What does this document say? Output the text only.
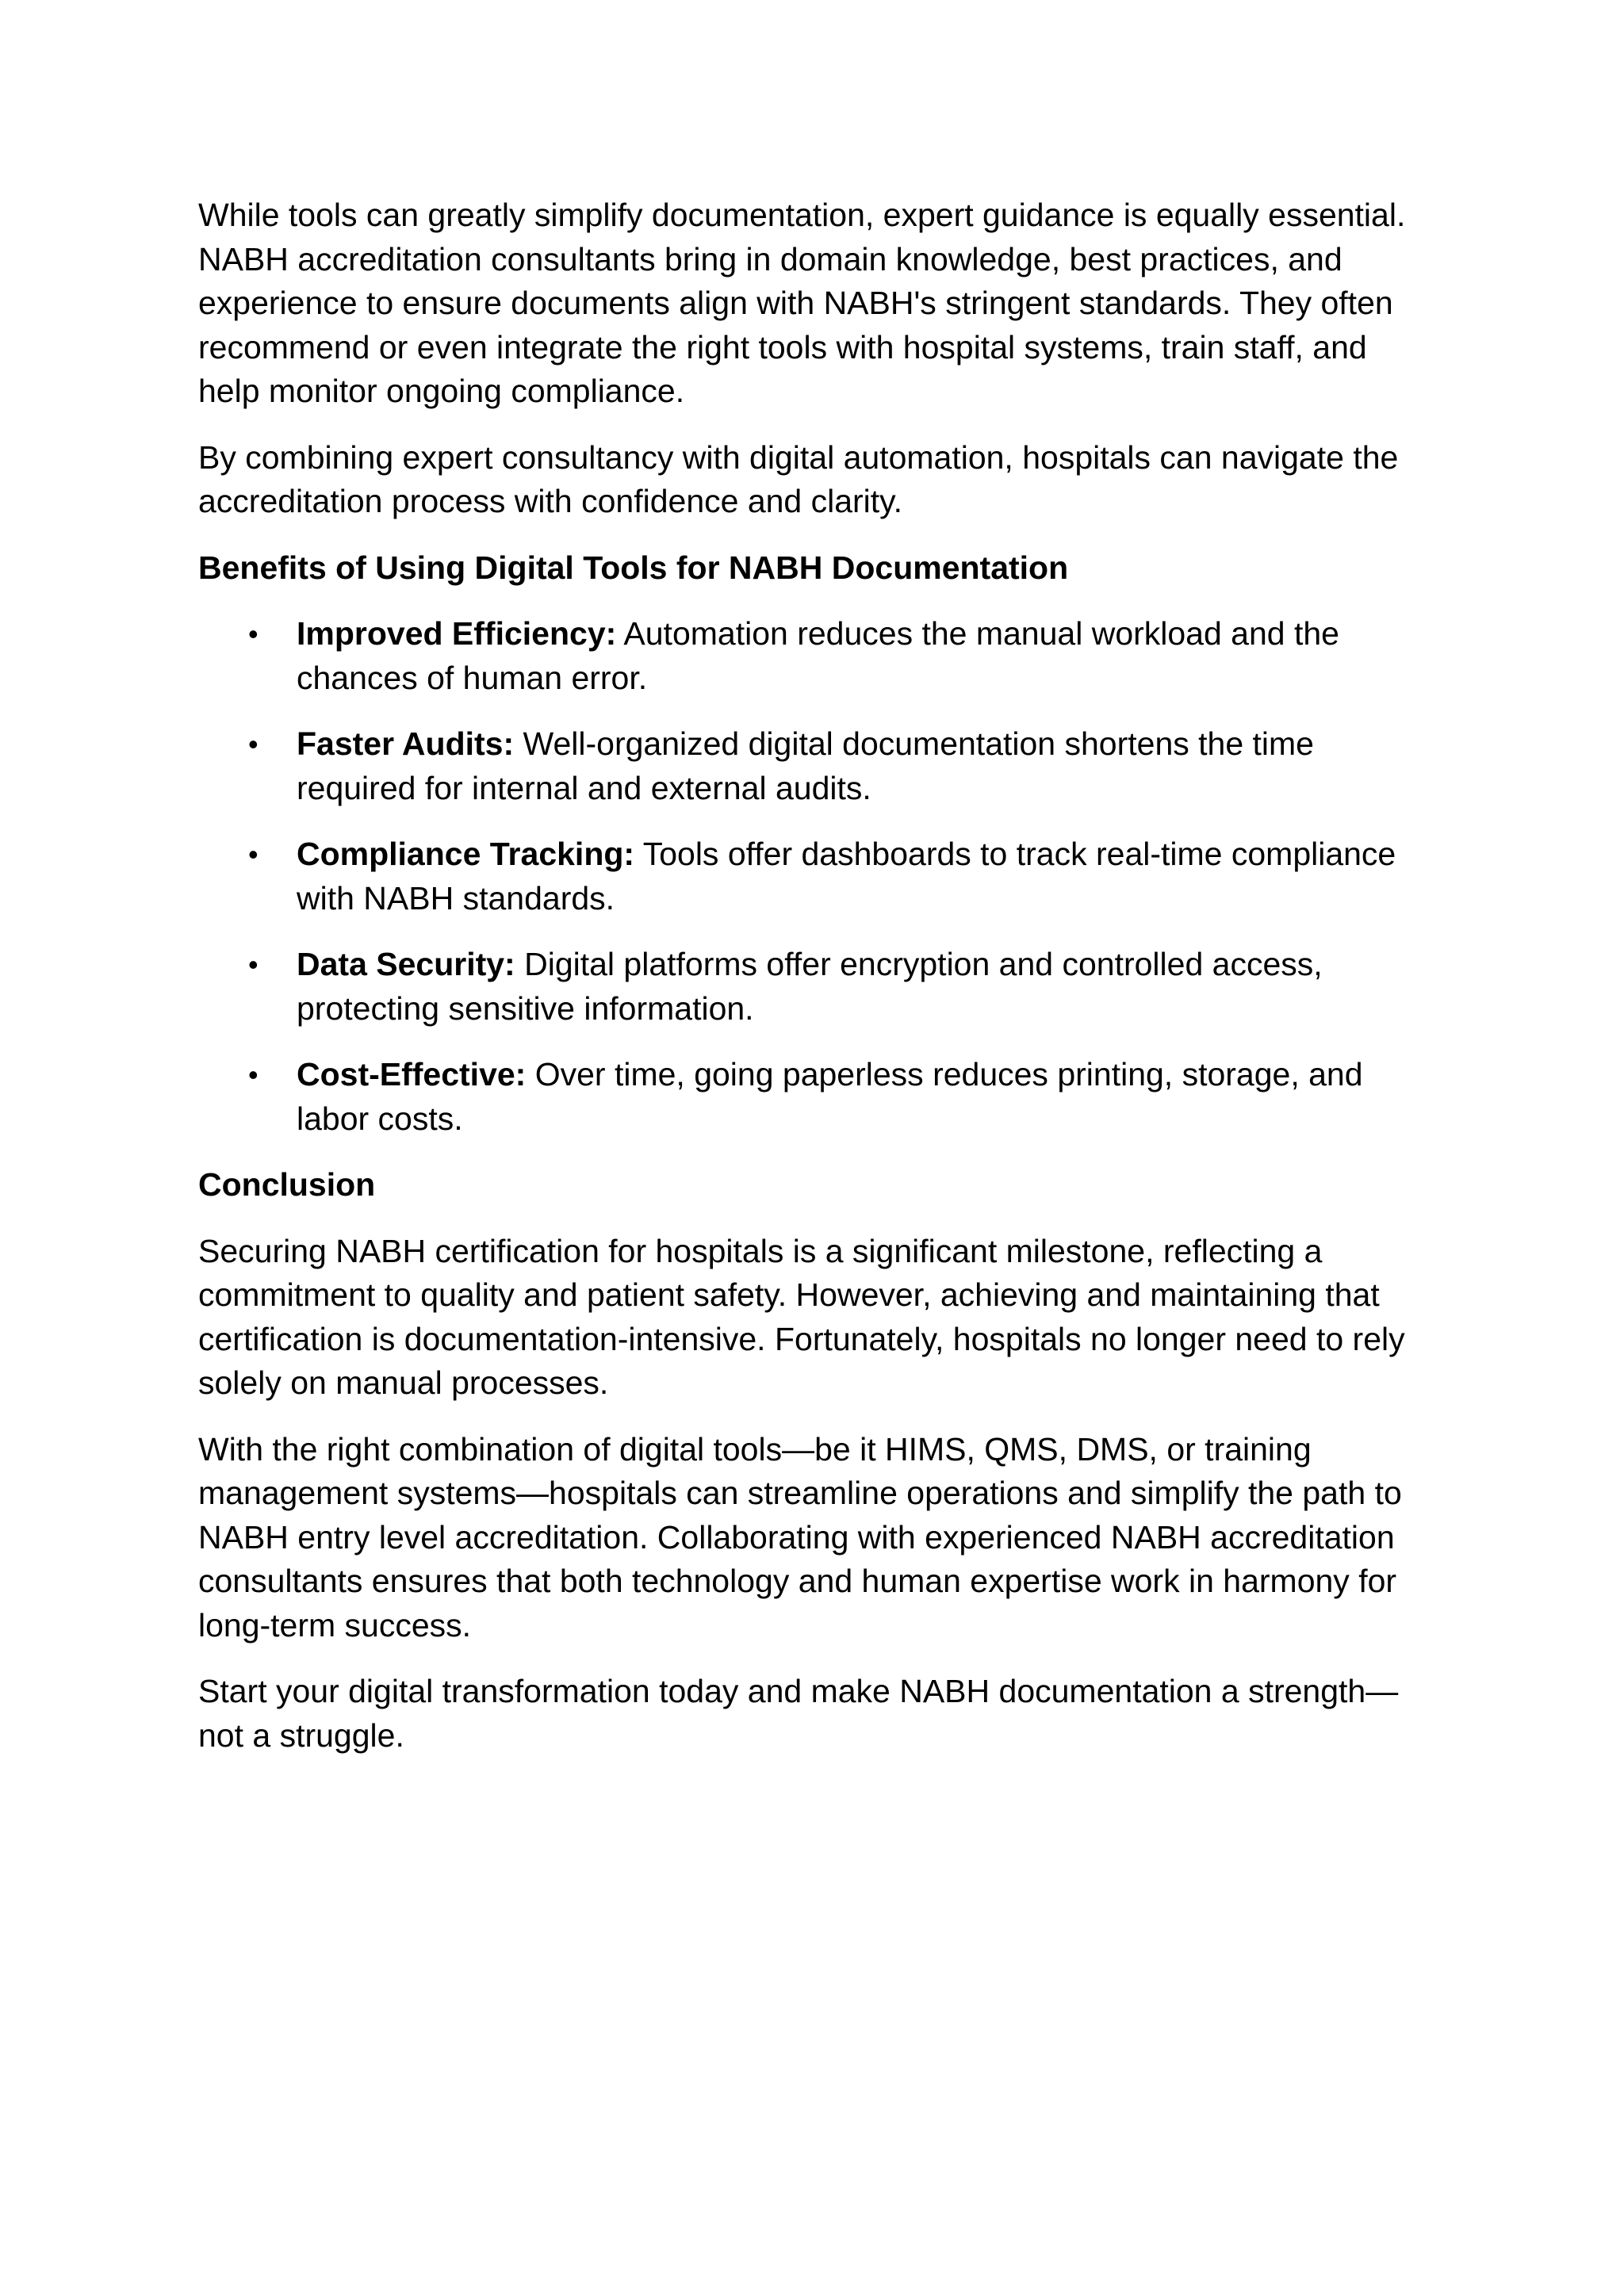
While tools can greatly simplify documentation, expert guidance is equally essential. NABH accreditation consultants bring in domain knowledge, best practices, and experience to ensure documents align with NABH's stringent standards. They often recommend or even integrate the right tools with hospital systems, train staff, and help monitor ongoing compliance.

By combining expert consultancy with digital automation, hospitals can navigate the accreditation process with confidence and clarity.

Benefits of Using Digital Tools for NABH Documentation
• Improved Efficiency: Automation reduces the manual workload and the chances of human error.
• Faster Audits: Well-organized digital documentation shortens the time required for internal and external audits.
• Compliance Tracking: Tools offer dashboards to track real-time compliance with NABH standards.
• Data Security: Digital platforms offer encryption and controlled access, protecting sensitive information.
• Cost-Effective: Over time, going paperless reduces printing, storage, and labor costs.
Conclusion

Securing NABH certification for hospitals is a significant milestone, reflecting a commitment to quality and patient safety. However, achieving and maintaining that certification is documentation-intensive. Fortunately, hospitals no longer need to rely solely on manual processes.

With the right combination of digital tools—be it HIMS, QMS, DMS, or training management systems—hospitals can streamline operations and simplify the path to NABH entry level accreditation. Collaborating with experienced NABH accreditation consultants ensures that both technology and human expertise work in harmony for long-term success.

Start your digital transformation today and make NABH documentation a strength—not a struggle.
